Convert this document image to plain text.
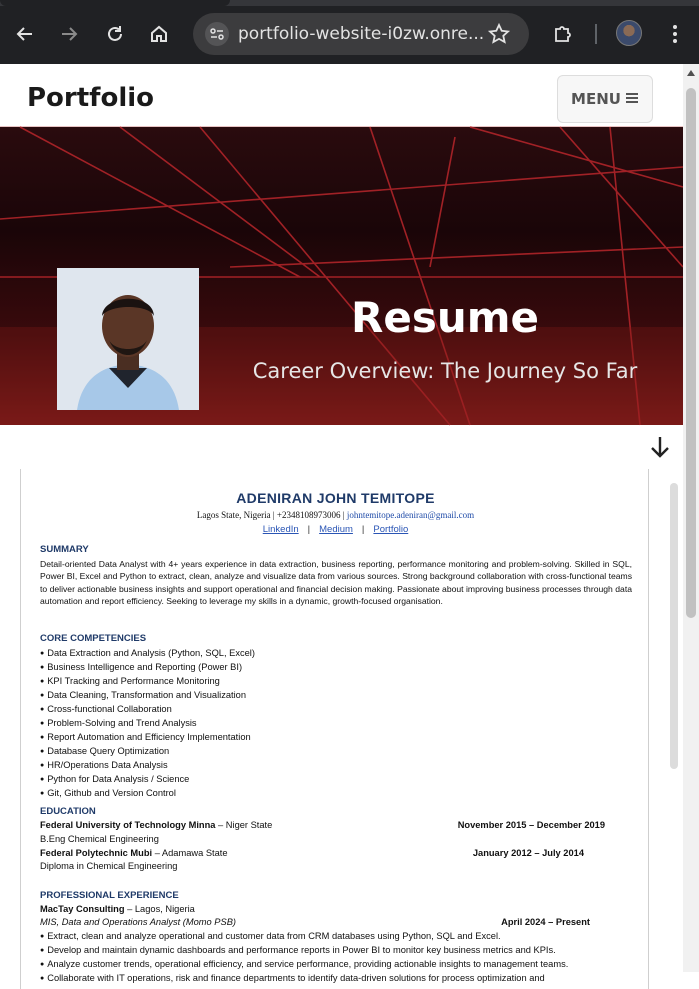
portfolio-website-i0zw.onre...
Portfolio	MENU
Resume
Career Overview: The Journey So Far
ADENIRAN JOHN TEMITOPE
Lagos State, Nigeria | +2348108973006 | johntemitope.adeniran@gmail.com
LinkedIn | Medium | Portfolio
SUMMARY
Detail-oriented Data Analyst with 4+ years experience in data extraction, business reporting, performance monitoring and problem-solving. Skilled in SQL, Power BI, Excel and Python to extract, clean, analyze and visualize data from various sources. Strong background collaboration with cross-functional teams to deliver actionable business insights and support operational and financial decision making. Passionate about improving business processes through data automation and report efficiency. Seeking to leverage my skills in a dynamic, growth-focused organisation.
CORE COMPETENCIES
● Data Extraction and Analysis (Python, SQL, Excel)
● Business Intelligence and Reporting (Power BI)
● KPI Tracking and Performance Monitoring
● Data Cleaning, Transformation and Visualization
● Cross-functional Collaboration
● Problem-Solving and Trend Analysis
● Report Automation and Efficiency Implementation
● Database Query Optimization
● HR/Operations Data Analysis
● Python for Data Analysis / Science
● Git, Github and Version Control
EDUCATION
Federal University of Technology Minna – Niger State	November 2015 – December 2019
B.Eng Chemical Engineering
Federal Polytechnic Mubi – Adamawa State	January 2012 – July 2014
Diploma in Chemical Engineering
PROFESSIONAL EXPERIENCE
MacTay Consulting – Lagos, Nigeria
MIS, Data and Operations Analyst (Momo PSB)	April 2024 – Present
● Extract, clean and analyze operational and customer data from CRM databases using Python, SQL and Excel.
● Develop and maintain dynamic dashboards and performance reports in Power BI to monitor key business metrics and KPIs.
● Analyze customer trends, operational efficiency, and service performance, providing actionable insights to management teams.
● Collaborate with IT operations, risk and finance departments to identify data-driven solutions for process optimization and
